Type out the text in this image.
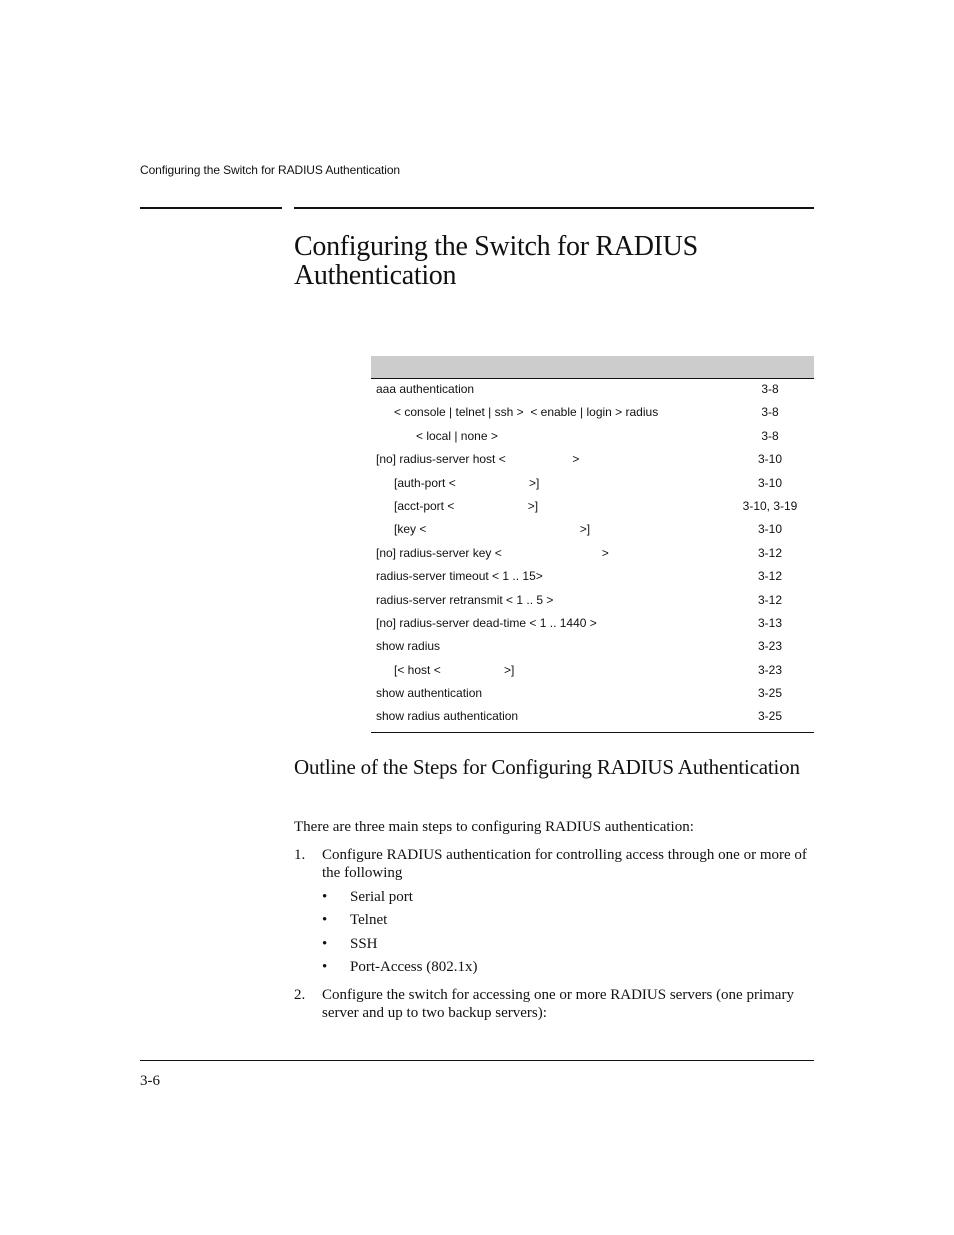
Configuring the Switch for RADIUS Authentication
Configuring the Switch for RADIUS Authentication
aaa authentication	3-8
< console | telnet | ssh >  < enable | login > radius	3-8
< local | none >	3-8
[no] radius-server host <                    >	3-10
[auth-port <                      >]	3-10
[acct-port <                      >]	3-10, 3-19
[key <                                              >]	3-10
[no] radius-server key <                              >	3-12
radius-server timeout < 1 .. 15>	3-12
radius-server retransmit < 1 .. 5 >	3-12
[no] radius-server dead-time < 1 .. 1440 >	3-13
show radius	3-23
[< host <                   >]	3-23
show authentication	3-25
show radius authentication	3-25
Outline of the Steps for Configuring RADIUS Authentication

There are three main steps to configuring RADIUS authentication:

1. Configure RADIUS authentication for controlling access through one or more of the following
• Serial port
• Telnet
• SSH
• Port-Access (802.1x)
2. Configure the switch for accessing one or more RADIUS servers (one primary server and up to two backup servers):
3-6
